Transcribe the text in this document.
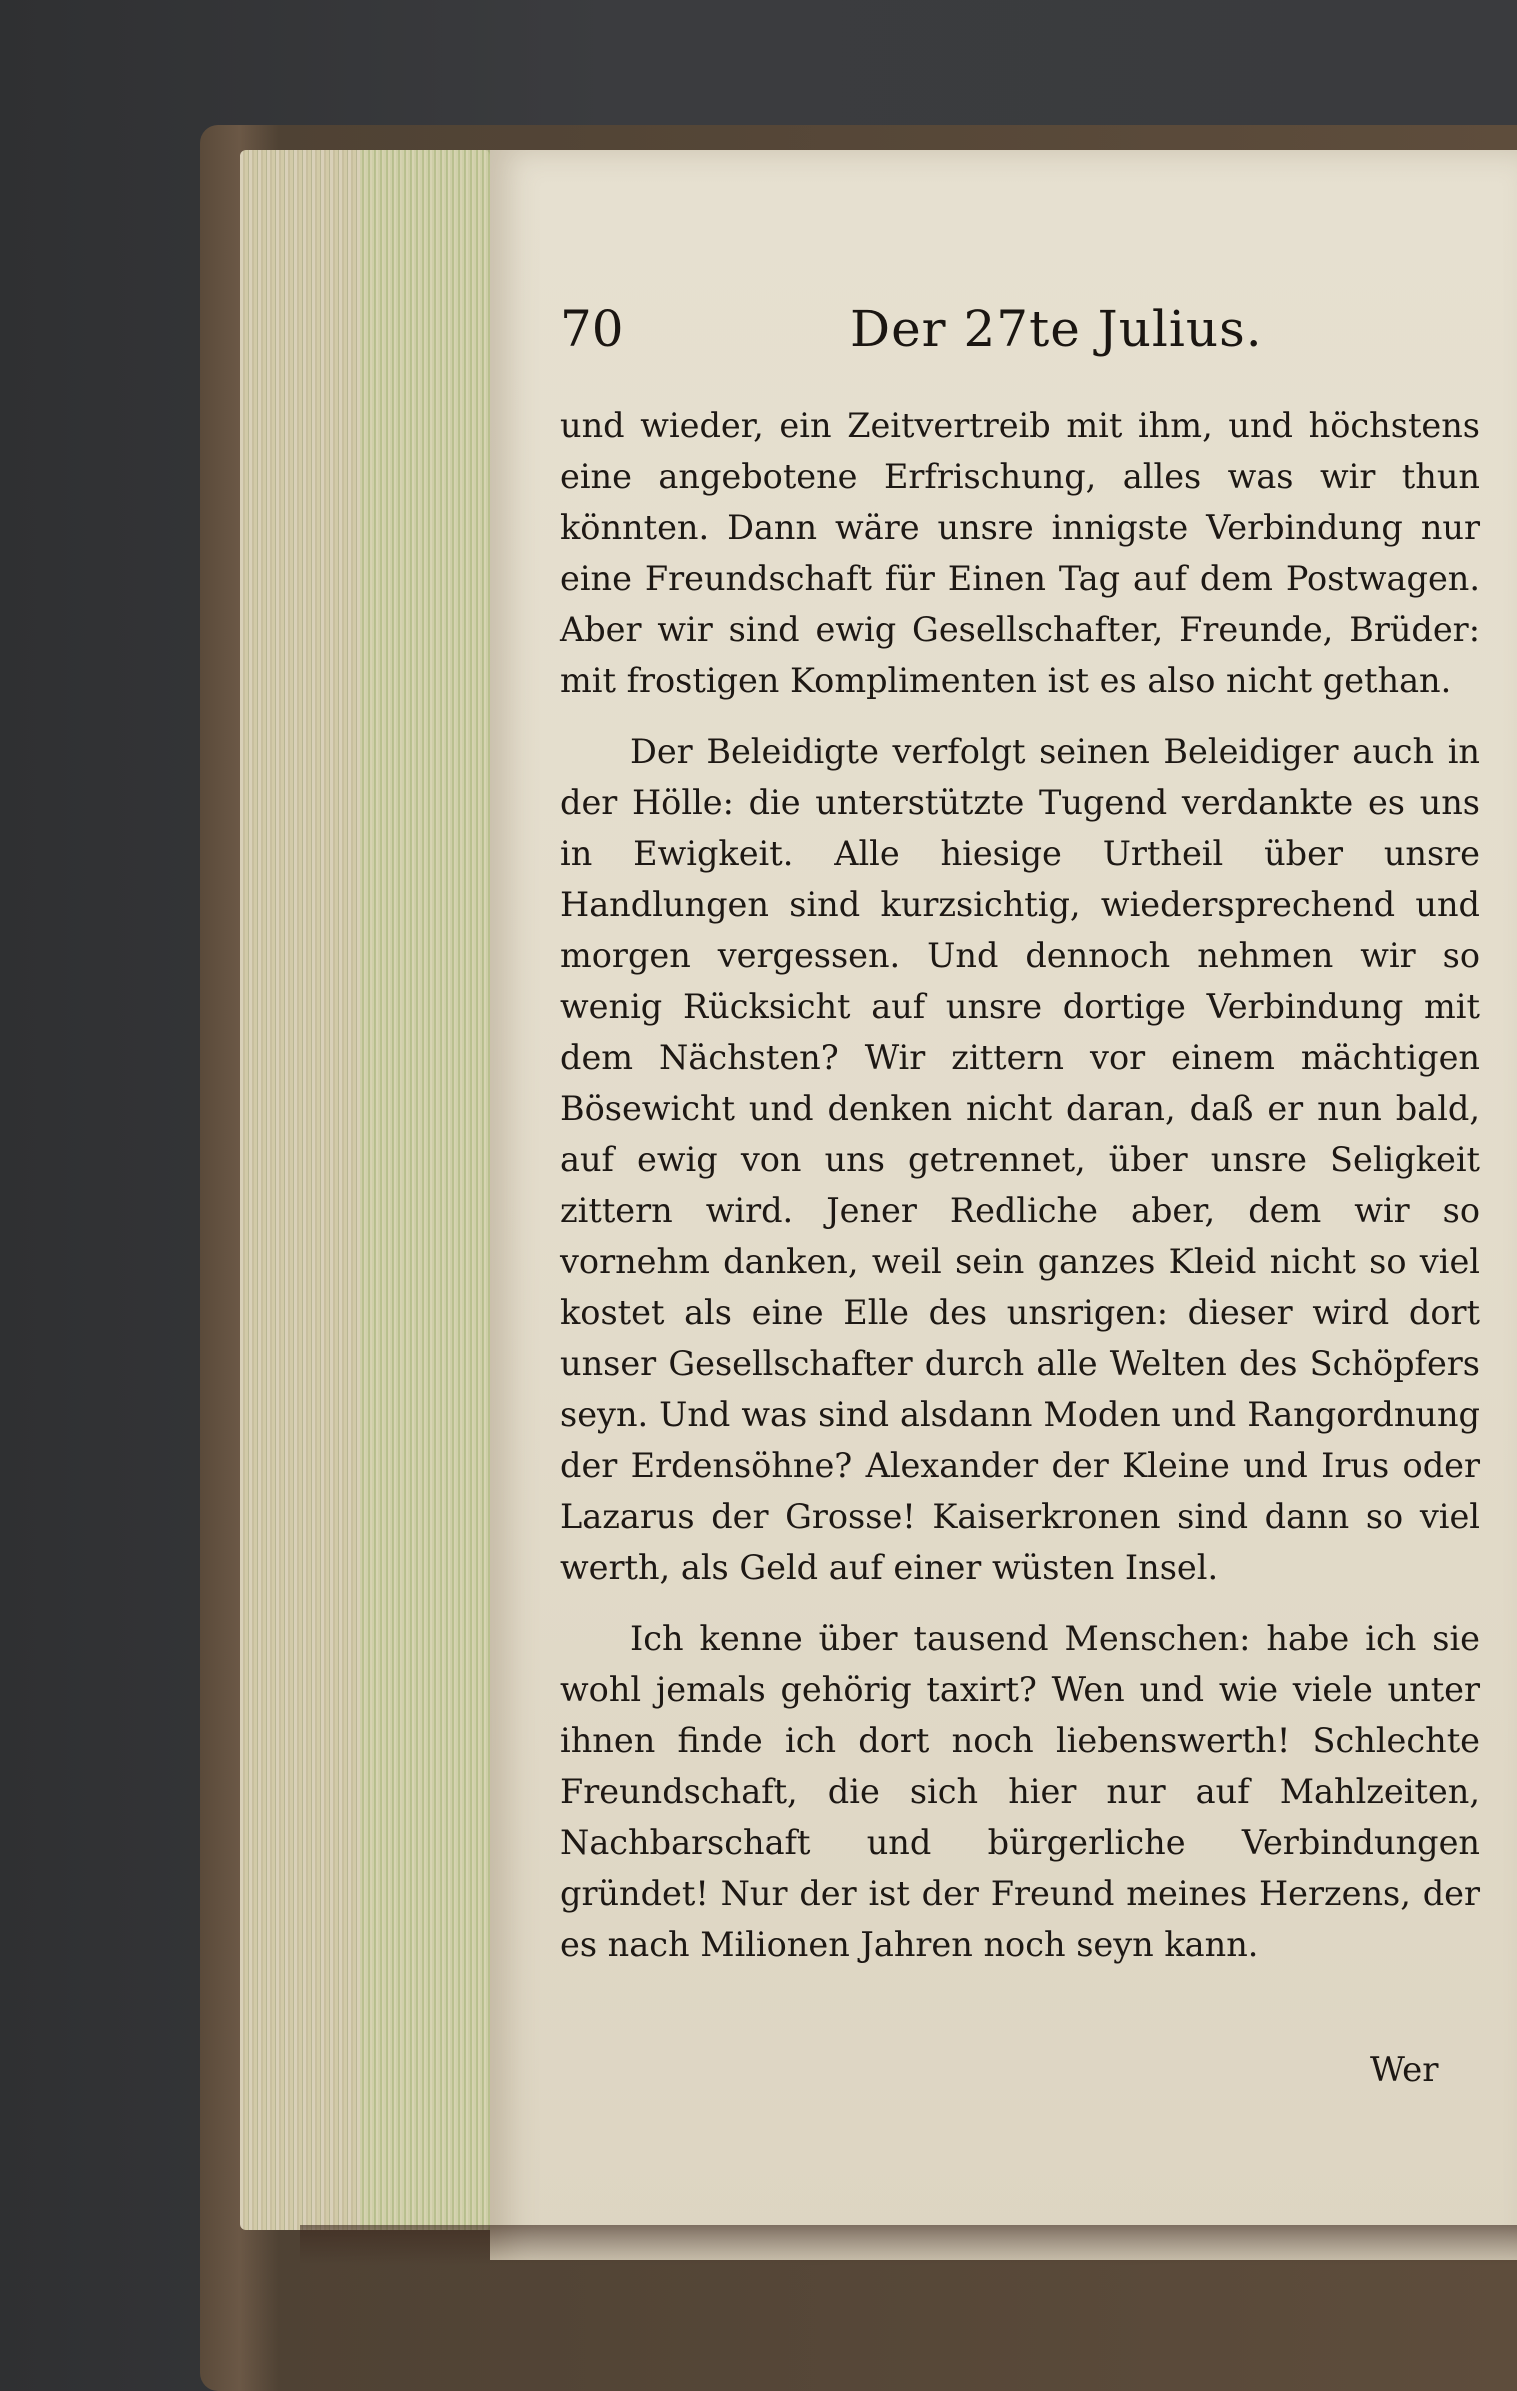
70	Der 27te Julius.

und wieder, ein Zeitvertreib mit ihm, und höchstens eine angebotene Erfrischung, alles was wir thun könnten. Dann wäre unsre innigste Verbindung nur eine Freundschaft für Einen Tag auf dem Postwagen. Aber wir sind ewig Gesellschafter, Freunde, Brüder: mit frostigen Komplimenten ist es also nicht gethan.

Der Beleidigte verfolgt seinen Beleidiger auch in der Hölle: die unterstützte Tugend verdankte es uns in Ewigkeit. Alle hiesige Urtheil über unsre Handlungen sind kurzsichtig, wiedersprechend und morgen vergessen. Und dennoch nehmen wir so wenig Rücksicht auf unsre dortige Verbindung mit dem Nächsten? Wir zittern vor einem mächtigen Bösewicht und denken nicht daran, daß er nun bald, auf ewig von uns getrennet, über unsre Seligkeit zittern wird. Jener Redliche aber, dem wir so vornehm danken, weil sein ganzes Kleid nicht so viel kostet als eine Elle des unsrigen: dieser wird dort unser Gesellschafter durch alle Welten des Schöpfers seyn. Und was sind alsdann Moden und Rangordnung der Erdensöhne? Alexander der Kleine und Irus oder Lazarus der Grosse! Kaiserkronen sind dann so viel werth, als Geld auf einer wüsten Insel.

Ich kenne über tausend Menschen: habe ich sie wohl jemals gehörig taxirt? Wen und wie viele unter ihnen finde ich dort noch liebenswerth! Schlechte Freundschaft, die sich hier nur auf Mahlzeiten, Nachbarschaft und bürgerliche Verbindungen gründet! Nur der ist der Freund meines Herzens, der es nach Milionen Jahren noch seyn kann.

Wer
